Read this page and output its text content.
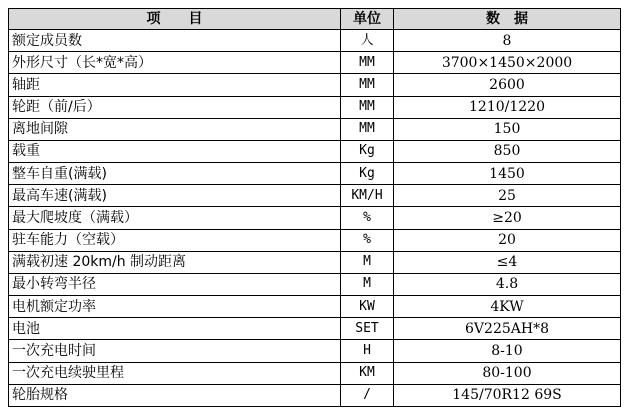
项　　目	单位	数　据
额定成员数	人	8
外形尺寸（长*宽*高）	MM	3700×1450×2000
轴距	MM	2600
轮距（前/后）	MM	1210/1220
离地间隙	MM	150
载重	Kg	850
整车自重(满载)	Kg	1450
最高车速(满载)	KM/H	25
最大爬坡度（满载）	%	≥20
驻车能力（空载）	%	20
满载初速 20km/h 制动距离	M	≤4
最小转弯半径	M	4.8
电机额定功率	KW	4KW
电池	SET	6V225AH*8
一次充电时间	H	8-10
一次充电续驶里程	KM	80-100
轮胎规格	/	145/70R12 69S
